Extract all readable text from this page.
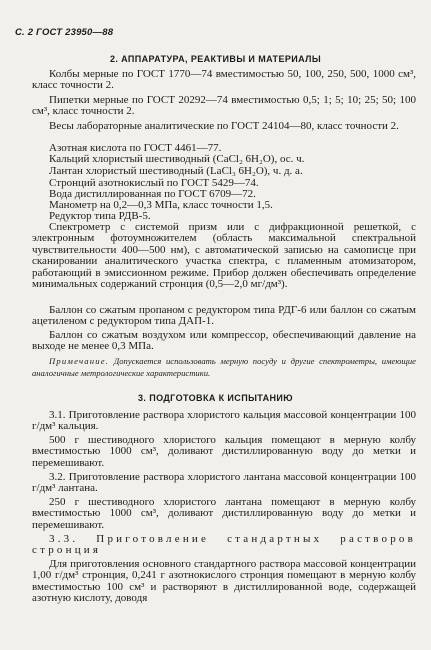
С. 2 ГОСТ 23950—88
2. АППАРАТУРА, РЕАКТИВЫ И МАТЕРИАЛЫ
Колбы мерные по ГОСТ 1770—74 вместимостью 50, 100, 250, 500, 1000 см³, класс точности 2.
Пипетки мерные по ГОСТ 20292—74 вместимостью 0,5; 1; 5; 10; 25; 50; 100 см³, класс точности 2.
Весы лабораторные аналитические по ГОСТ 24104—80, класс точности 2.
Азотная кислота по ГОСТ 4461—77.
Кальций хлористый шестиводный (CaCl₂ 6H₂O), ос. ч.
Лантан хлористый шестиводный (LaCl₃ 6H₂O), ч. д. а.
Стронций азотнокислый по ГОСТ 5429—74.
Вода дистиллированная по ГОСТ 6709—72.
Манометр на 0,2—0,3 МПа, класс точности 1,5.
Редуктор типа РДВ-5.
Спектрометр с системой призм или с дифракционной решеткой, с электронным фотоумножителем (область максимальной спектральной чувствительности 400—500 нм), с автоматической записью на самописце при сканировании аналитического участка спектра, с пламенным атомизатором, работающий в эмиссионном режиме. Прибор должен обеспечивать определение минимальных содержаний стронция (0,5—2,0 мг/дм³).
Баллон со сжатым пропаном с редуктором типа РДГ-6 или баллон со сжатым ацетиленом с редуктором типа ДАП-1.
Баллон со сжатым воздухом или компрессор, обеспечивающий давление на выходе не менее 0,3 МПа.
Примечание. Допускается использовать мерную посуду и другие спектрометры, имеющие аналогичные метрологические характеристики.
3. ПОДГОТОВКА К ИСПЫТАНИЮ
3.1. Приготовление раствора хлористого кальция массовой концентрации 100 г/дм³ кальция.
500 г шестиводного хлористого кальция помещают в мерную колбу вместимостью 1000 см³, доливают дистиллированную воду до метки и перемешивают.
3.2. Приготовление раствора хлористого лантана массовой концентрации 100 г/дм³ лантана.
250 г шестиводного хлористого лантана помещают в мерную колбу вместимостью 1000 см³, доливают дистиллированную воду до метки и перемешивают.
3.3. Приготовление стандартных растворов стронция
Для приготовления основного стандартного раствора массовой концентрации 1,00 г/дм³ стронция, 0,241 г азотнокислого стронция помещают в мерную колбу вместимостью 100 см³ и растворяют в дистиллированной воде, содержащей азотную кислоту, доводя
